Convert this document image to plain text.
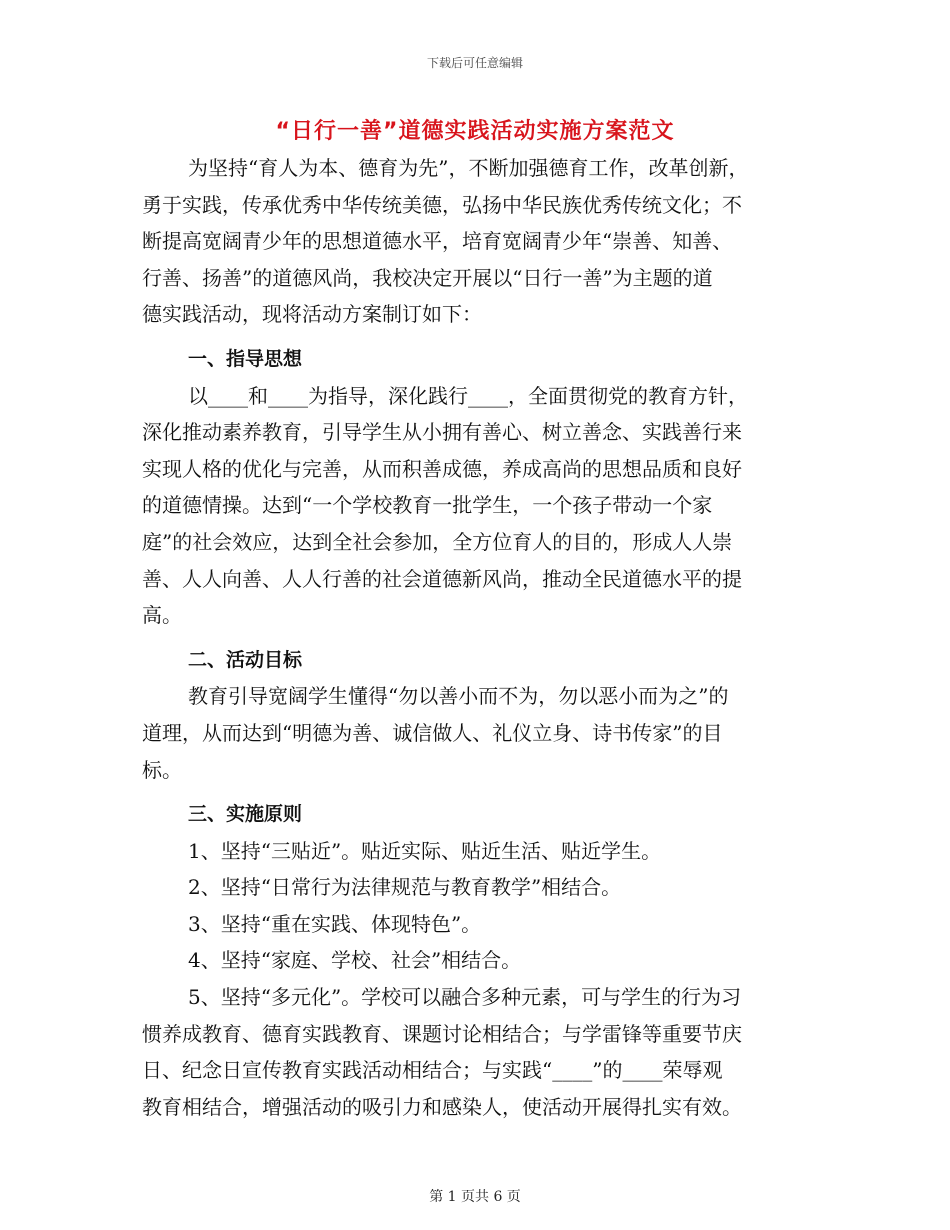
下载后可任意编辑
“日行一善”道德实践活动实施方案范文
为坚持“育人为本、德育为先”，不断加强德育工作，改革创新，
勇于实践，传承优秀中华传统美德，弘扬中华民族优秀传统文化；不
断提高宽阔青少年的思想道德水平，培育宽阔青少年“崇善、知善、
行善、扬善”的道德风尚，我校决定开展以“日行一善”为主题的道
德实践活动，现将活动方案制订如下：
一、指导思想
以____和____为指导，深化践行____，全面贯彻党的教育方针，
深化推动素养教育，引导学生从小拥有善心、树立善念、实践善行来
实现人格的优化与完善，从而积善成德，养成高尚的思想品质和良好
的道德情操。达到“一个学校教育一批学生，一个孩子带动一个家
庭”的社会效应，达到全社会参加，全方位育人的目的，形成人人崇
善、人人向善、人人行善的社会道德新风尚，推动全民道德水平的提
高。
二、活动目标
教育引导宽阔学生懂得“勿以善小而不为，勿以恶小而为之”的
道理，从而达到“明德为善、诚信做人、礼仪立身、诗书传家”的目
标。
三、实施原则
1、坚持“三贴近”。贴近实际、贴近生活、贴近学生。
2、坚持“日常行为法律规范与教育教学”相结合。
3、坚持“重在实践、体现特色”。
4、坚持“家庭、学校、社会”相结合。
5、坚持“多元化”。学校可以融合多种元素，可与学生的行为习
惯养成教育、德育实践教育、课题讨论相结合；与学雷锋等重要节庆
日、纪念日宣传教育实践活动相结合；与实践“____”的____荣辱观
教育相结合，增强活动的吸引力和感染人，使活动开展得扎实有效。
第 1 页共 6 页
